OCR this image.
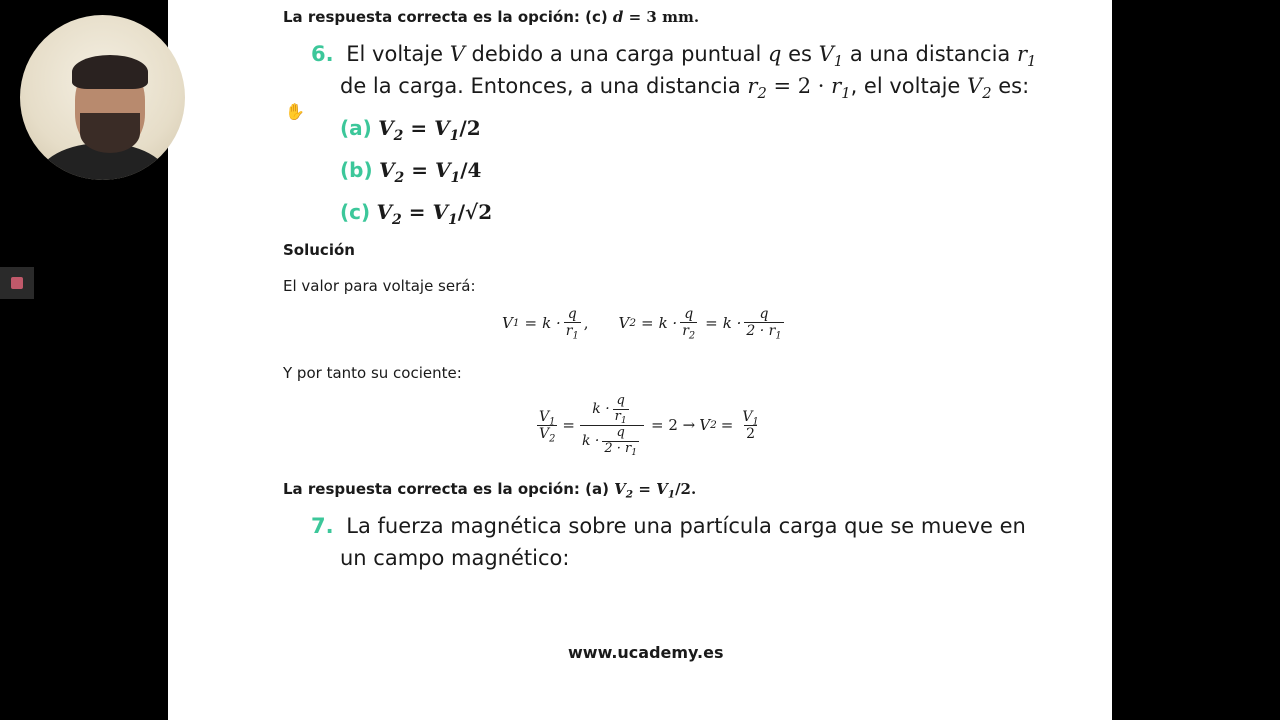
La respuesta correcta es la opción: (c) d = 3 mm.
6. El voltaje V debido a una carga puntual q es $V_1$ a una distancia $r_1$
de la carga. Entonces, a una distancia $r_2 = 2 \cdot r_1$, el voltaje $V_2$ es:
✋
(a) $V_2 = V_1/2$
(b) $V_2 = V_1/4$
(c) $V_2 = V_1/√2$
Solución
El valor para voltaje será:
V $1 = k \cdot \frac{q}{r_1}$ , V $2 = k \cdot \frac{q}{r_2} = k \cdot \frac{q}{2 \cdot r_1}$
Y por tanto su cociente:
$\frac{V_1}{V_2} = \frac{k \cdot \frac{q}{r_1}}{k \cdot \frac{q}{2 \cdot r_1}} = 2 \to V$ $2 = \frac{V_1}{2}$
La respuesta correcta es la opción: (a) $V_2 = V_1/2$.
7. La fuerza magnética sobre una partícula carga que se mueve en
un campo magnético:
www.ucademy.es
